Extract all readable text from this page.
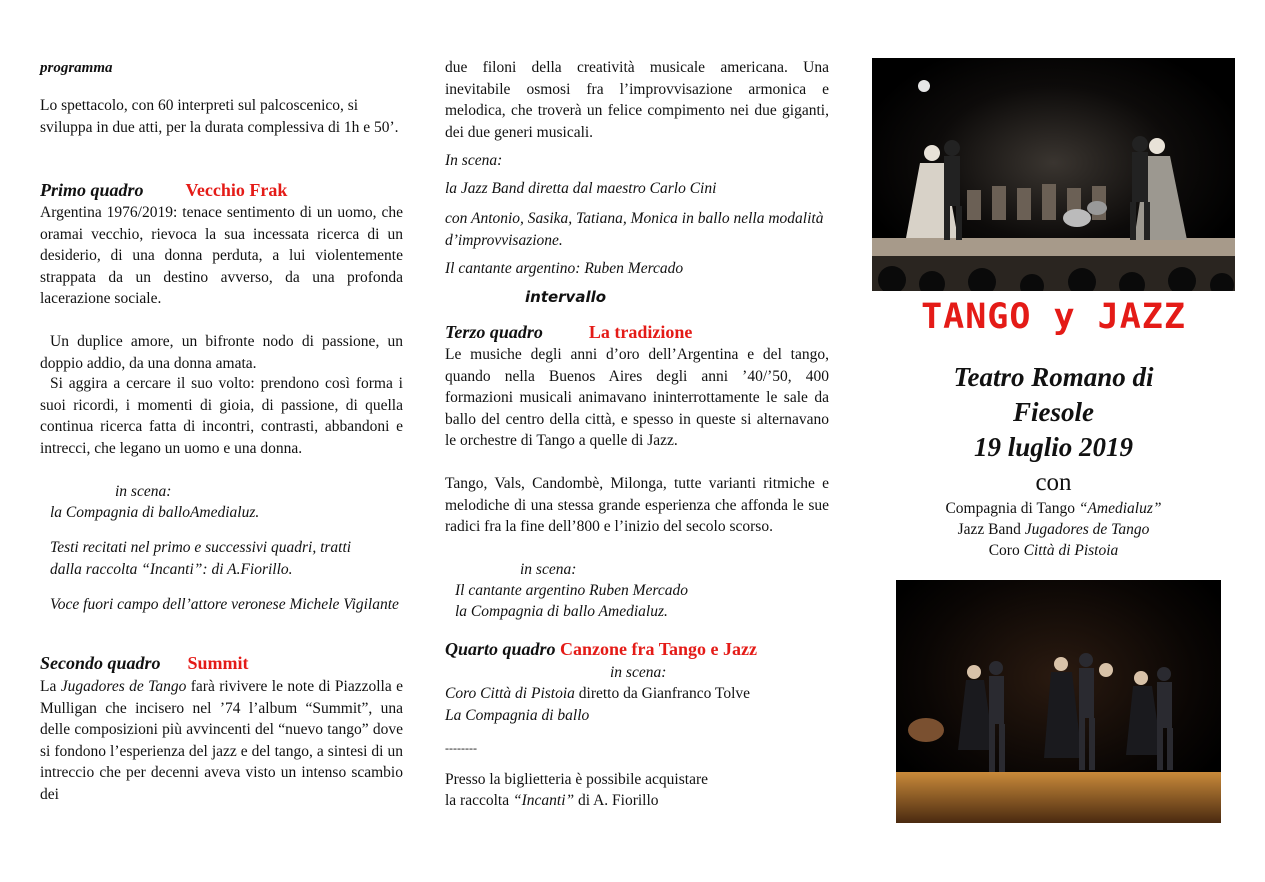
programma

Lo spettacolo, con 60 interpreti sul palcoscenico, si sviluppa in due atti, per la durata complessiva di 1h e 50’.

Primo quadro Vecchio Frak

Argentina 1976/2019: tenace sentimento di un uomo, che oramai vecchio, rievoca la sua incessata ricerca di un desiderio, di una donna perduta, a lui violentemente strappata da un destino avverso, da una profonda lacerazione sociale.

Un duplice amore, un bifronte nodo di passione, un doppio addio, da una donna amata.

Si aggira a cercare il suo volto: prendono così forma i suoi ricordi, i momenti di gioia, di passione, di quella continua ricerca fatta di incontri, contrasti, abbandoni e intrecci, che legano un uomo e una donna.

in scena:

la Compagnia di balloAmedialuz.

Testi recitati nel primo e successivi quadri, tratti dalla raccolta “Incanti”: di A.Fiorillo.

Voce fuori campo dell’attore veronese Michele Vigilante

Secondo quadro Summit

La Jugadores de Tango farà rivivere le note di Piazzolla e Mulligan che incisero nel ’74 l’album “Summit”, una delle composizioni più avvincenti del “nuevo tango” dove si fondono l’esperienza del jazz e del tango, a sintesi di un intreccio che per decenni aveva visto un intenso scambio dei

due filoni della creatività musicale americana. Una inevitabile osmosi fra l’improvvisazione armonica e melodica, che troverà un felice compimento nei due giganti, dei due generi musicali.

In scena:

la Jazz Band diretta dal maestro Carlo Cini

con Antonio, Sasika, Tatiana, Monica in ballo nella modalità d’improvvisazione.

Il cantante argentino: Ruben Mercado

intervallo

Terzo quadro	La tradizione

Le musiche degli anni d’oro dell’Argentina e del tango, quando nella Buenos Aires degli anni ’40/’50, 400 formazioni musicali animavano ininterrottamente le sale da ballo del centro della città, e spesso in queste si alternavano le orchestre di Tango a quelle di Jazz.

Tango, Vals, Candombè, Milonga, tutte varianti ritmiche e melodiche di una stessa grande esperienza che affonda le sue radici fra la fine dell’800 e l’inizio del secolo scorso.

in scena:

Il cantante argentino Ruben Mercado

la Compagnia di ballo Amedialuz.

Quarto quadro Canzone fra Tango e Jazz

in scena:

Coro Città di Pistoia diretto da Gianfranco Tolve

La Compagnia di ballo

--------

Presso la biglietteria è possibile acquistare

la raccolta “Incanti” di A. Fiorillo

TANGO y JAZZ

Teatro Romano di

Fiesole

19 luglio 2019

con

Compagnia di Tango “Amedialuz”

Jazz Band Jugadores de Tango

Coro Città di Pistoia
